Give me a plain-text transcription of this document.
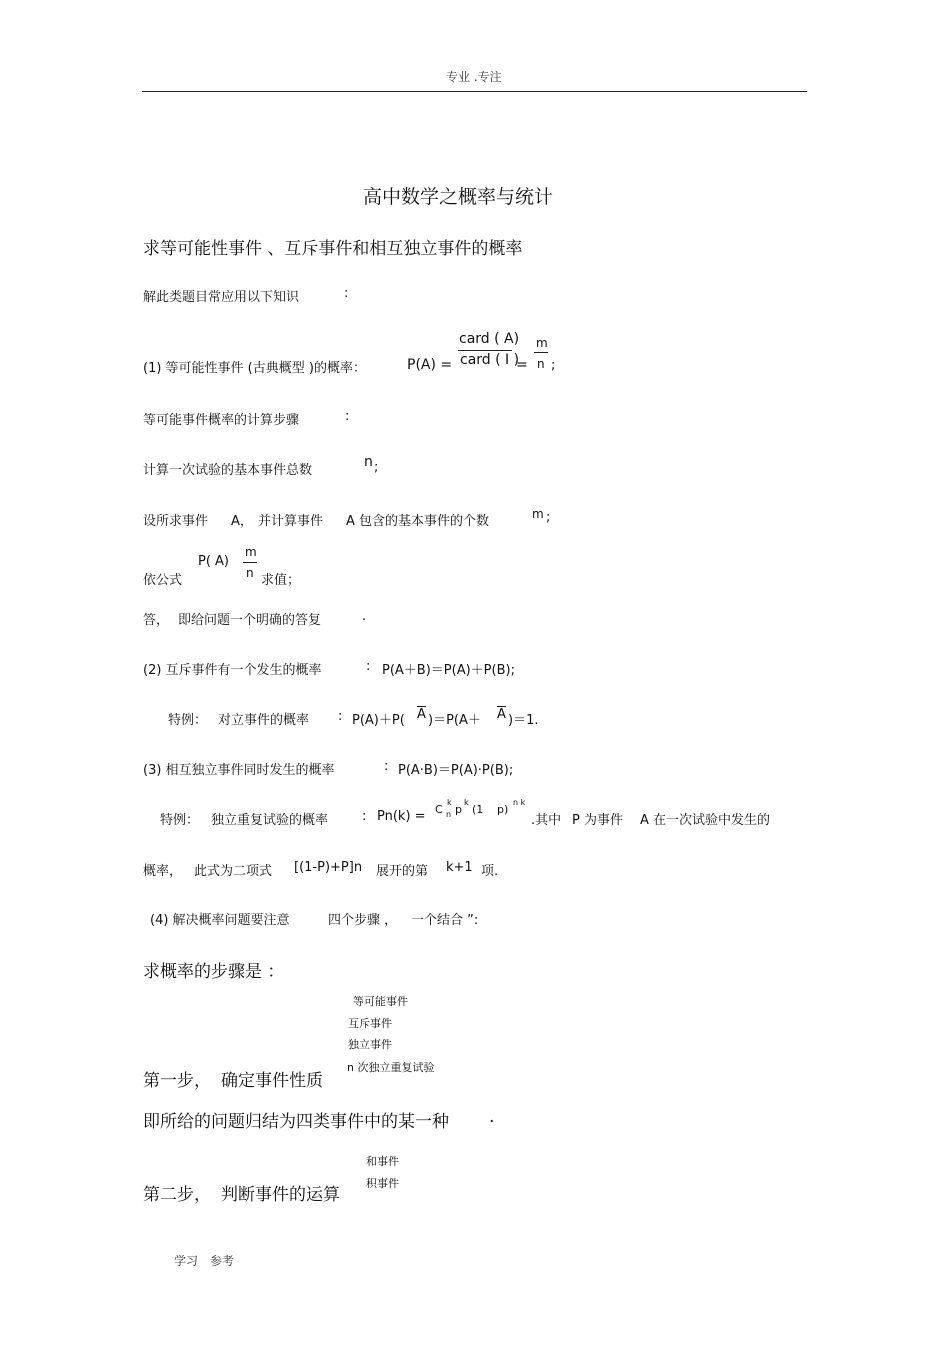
专业 .专注
高中数学之概率与统计
求等可能性事件 、互斥事件和相互独立事件的概率
解此类题目常应用以下知识	:
(1) 等可能性事件 (古典概型 )的概率：	P(A) =
card ( A)
card ( I )
=
m
n ;
等可能事件概率的计算步骤	:
计算一次试验的基本事件总数
n ;
设所求事件 A， 并计算事件 A 包含的基本事件的个数	m ;
依公式
P( A)
m
n 求值；
答， 即给问题一个明确的答复	.
(2) 互斥事件有一个发生的概率	: P(A＋B)＝P(A)＋P(B);
特例： 对立事件的概率 : P(A)＋P( $\overline{A}$ )$=P(A+ \overline{A}$ )＝1.
(3) 相互独立事件同时发生的概率	: P(A·B)＝P(A)·P(B);
特例： 独立重复试验的概率	: Pn(k) = C
k
n p
k
(1 p)
n k
.其中 P 为事件 A 在一次试验中发生的
概率， 此式为二项式 [(1-P)+P]n 展开的第 k+1 项.
(4) 解决概率问题要注意	四个步骤 ， 一个结合 ”:
求概率的步骤是 ：
等可能事件
互斥事件
独立事件
n 次独立重复试验
第一步， 确定事件性质
即所给的问题归结为四类事件中的某一种 .
和事件
积事件
第二步， 判断事件的运算
学习 参考
